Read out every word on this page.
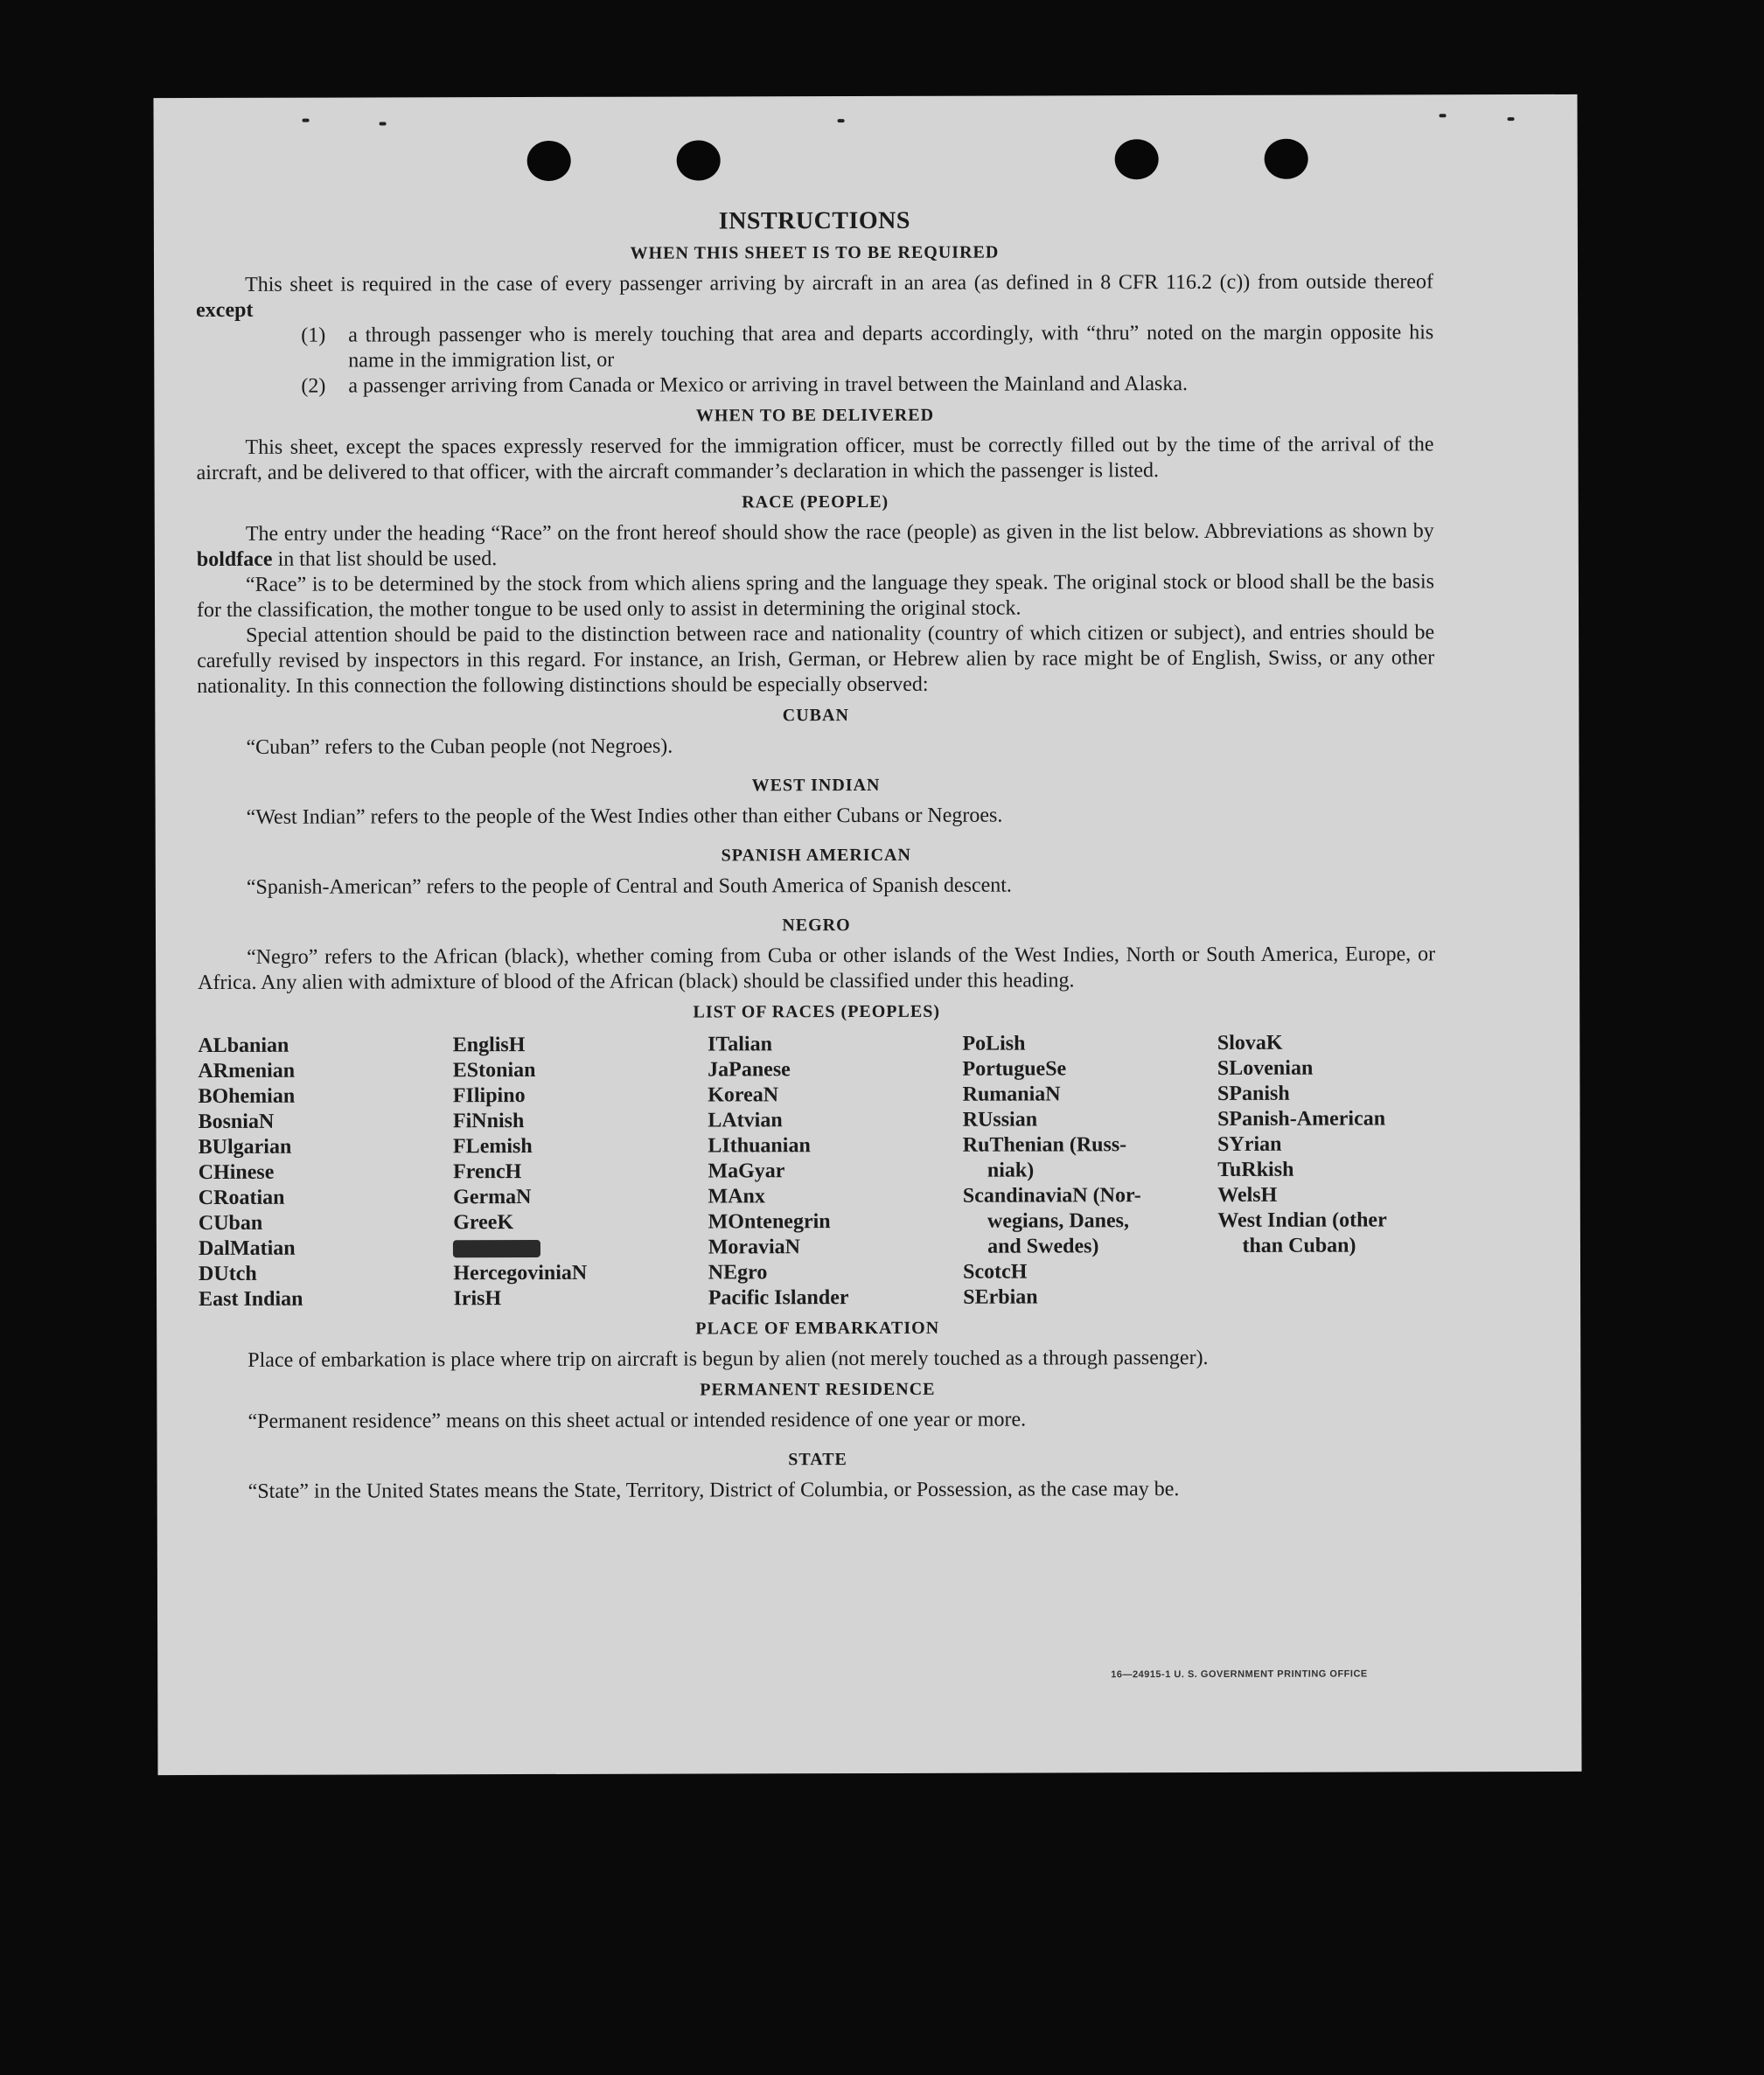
INSTRUCTIONS
WHEN THIS SHEET IS TO BE REQUIRED
This sheet is required in the case of every passenger arriving by aircraft in an area (as defined in 8 CFR 116.2 (c)) from outside thereof except
(1)	a through passenger who is merely touching that area and departs accordingly, with “thru” noted on the margin opposite his name in the immigration list, or
(2)	a passenger arriving from Canada or Mexico or arriving in travel between the Mainland and Alaska.
WHEN TO BE DELIVERED
This sheet, except the spaces expressly reserved for the immigration officer, must be correctly filled out by the time of the arrival of the aircraft, and be delivered to that officer, with the aircraft commander’s declaration in which the passenger is listed.
RACE (PEOPLE)
The entry under the heading “Race” on the front hereof should show the race (people) as given in the list below. Abbreviations as shown by boldface in that list should be used.
“Race” is to be determined by the stock from which aliens spring and the language they speak. The original stock or blood shall be the basis for the classification, the mother tongue to be used only to assist in determining the original stock.
Special attention should be paid to the distinction between race and nationality (country of which citizen or subject), and entries should be carefully revised by inspectors in this regard. For instance, an Irish, German, or Hebrew alien by race might be of English, Swiss, or any other nationality. In this connection the following distinctions should be especially observed:
CUBAN
“Cuban” refers to the Cuban people (not Negroes).
WEST INDIAN
“West Indian” refers to the people of the West Indies other than either Cubans or Negroes.
SPANISH AMERICAN
“Spanish-American” refers to the people of Central and South America of Spanish descent.
NEGRO
“Negro” refers to the African (black), whether coming from Cuba or other islands of the West Indies, North or South America, Europe, or Africa. Any alien with admixture of blood of the African (black) should be classified under this heading.
LIST OF RACES (PEOPLES)
ALbanian
ARmenian
BOhemian
BosniaN
BUlgarian
CHinese
CRoatian
CUban
DalMatian
DUtch
East Indian
EnglisH
EStonian
FIlipino
FiNnish
FLemish
FrencH
GermaN
GreeK
HercegoviniaN
IrisH
ITalian
JaPanese
KoreaN
LAtvian
LIthuanian
MaGyar
MAnx
MOntenegrin
MoraviaN
NEgro
Pacific Islander
PoLish
PortugueSe
RumaniaN
RUssian
RuThenian (Russ-
niak)
ScandinaviaN (Nor-
wegians, Danes,
and Swedes)
ScotcH
SErbian
SlovaK
SLovenian
SPanish
SPanish-American
SYrian
TuRkish
WelsH
West Indian (other
than Cuban)
PLACE OF EMBARKATION
Place of embarkation is place where trip on aircraft is begun by alien (not merely touched as a through passenger).
PERMANENT RESIDENCE
“Permanent residence” means on this sheet actual or intended residence of one year or more.
STATE
“State” in the United States means the State, Territory, District of Columbia, or Possession, as the case may be.
16—24915-1 U. S. GOVERNMENT PRINTING OFFICE
